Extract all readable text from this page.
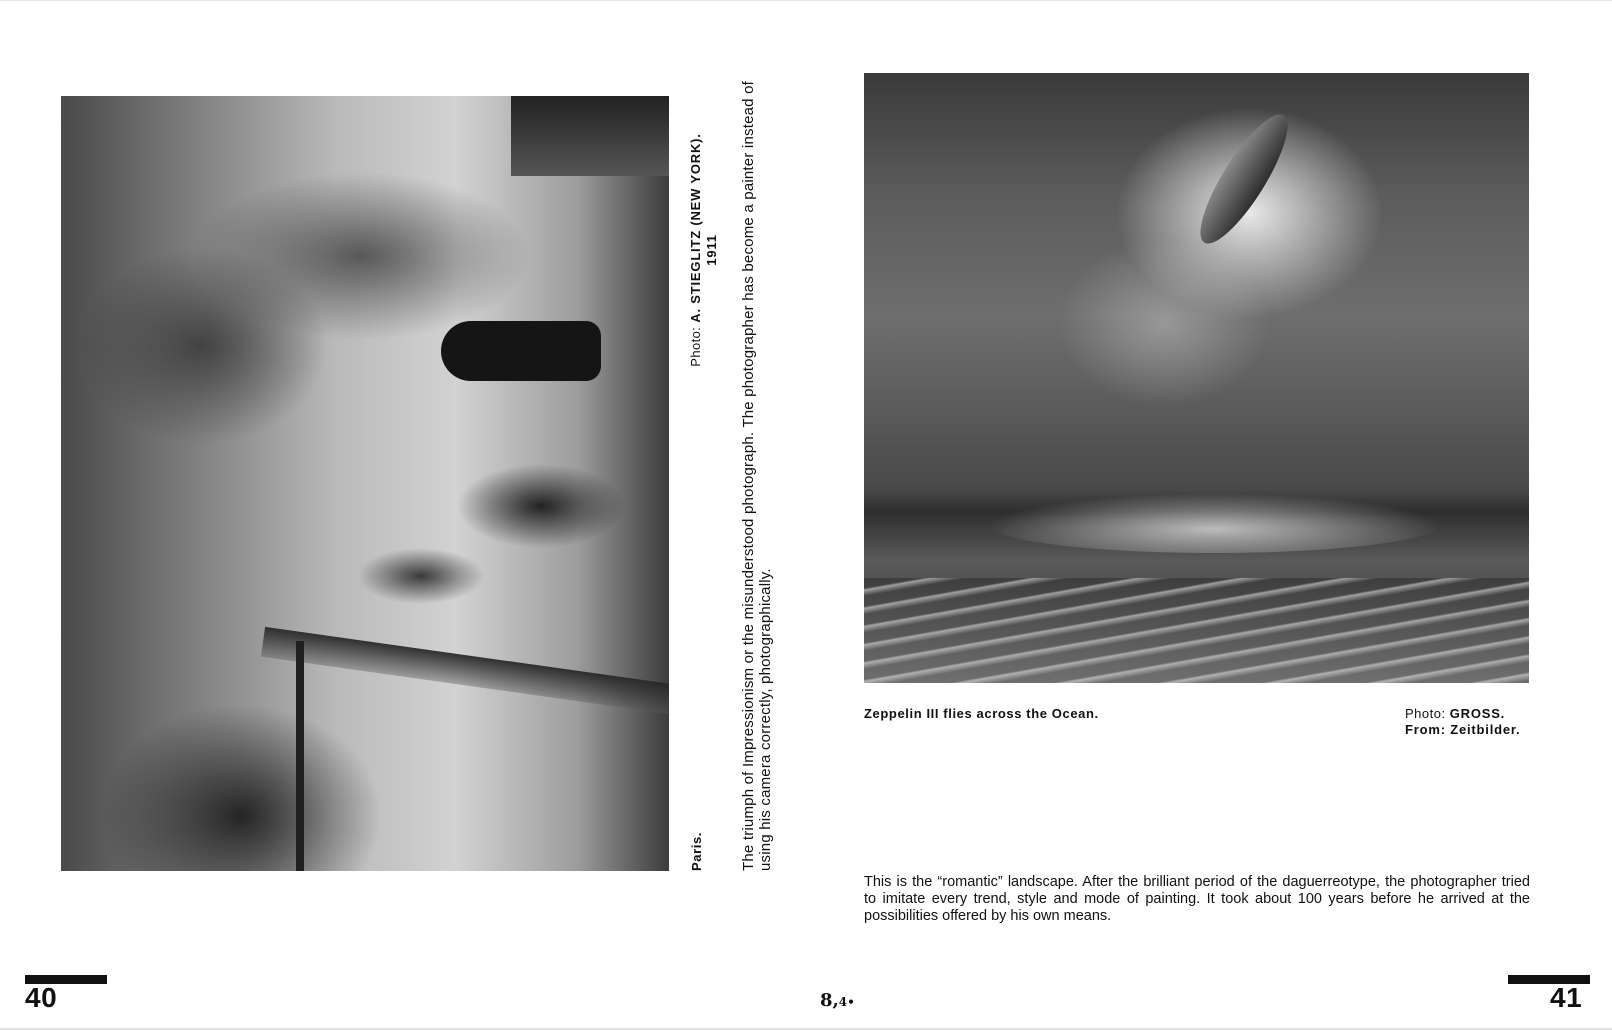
Paris.
Photo: A. STIEGLITZ (NEW YORK). 1911 The triumph of Impressionism or the misunderstood photograph. The photographer has become a painter instead of using his camera correctly, photographically.	Zeppelin III flies across the Ocean.	Photo: GROSS.
From: Zeitbilder.
This is the “romantic” landscape. After the brilliant period of the daguerreotype, the photographer tried to imitate every trend, style and mode of painting. It took about 100 years before he arrived at the possibilities offered by his own means.
40	8,4•	41
